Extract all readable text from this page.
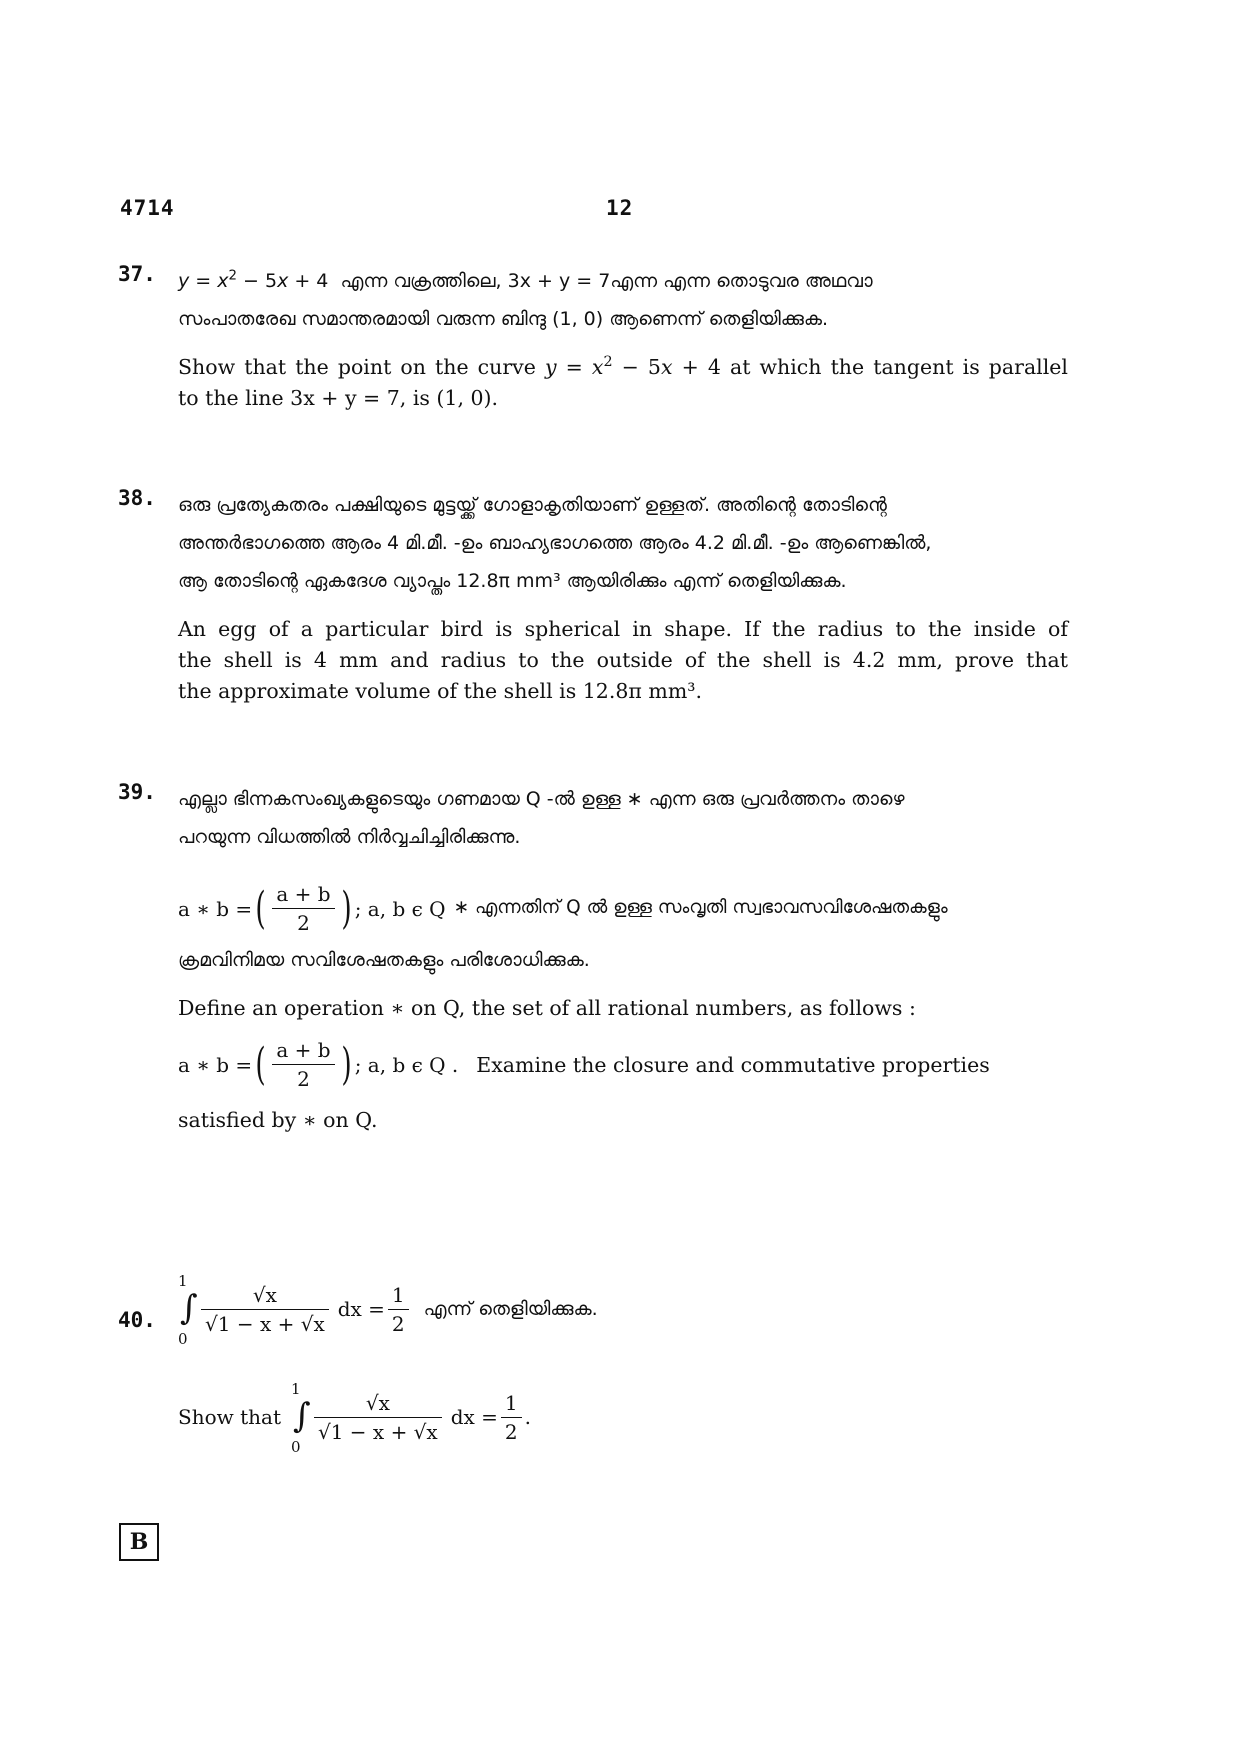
4714	12
37. $y = x^2 - 5x + 4$  എന്ന വക്രത്തിലെ, 3x + y = 7എന്ന എന്ന തൊടുവര അഥവാ

സംപാതരേഖ സമാന്തരമായി വരുന്ന ബിന്ദു (1, 0) ആണെന്ന് തെളിയിക്കുക.

Show that the point on the curve $y = x^2 - 5x + 4$ at which the tangent is parallel

to the line 3x + y = 7, is (1, 0).

38. ഒരു പ്രത്യേകതരം പക്ഷിയുടെ മുട്ടയ്ക്ക് ഗോളാകൃതിയാണ് ഉള്ളത്. അതിന്റെ തോടിന്റെ

അന്തർഭാഗത്തെ ആരം 4 മി.മീ. -ഉം ബാഹ്യഭാഗത്തെ ആരം 4.2 മി.മീ. -ഉം ആണെങ്കിൽ,

ആ തോടിന്റെ ഏകദേശ വ്യാപ്തം 12.8π mm³ ആയിരിക്കും എന്ന് തെളിയിക്കുക.

An egg of a particular bird is spherical in shape. If the radius to the inside of

the shell is 4 mm and radius to the outside of the shell is 4.2 mm, prove that

the approximate volume of the shell is 12.8π mm³.

39. എല്ലാ ഭിന്നകസംഖ്യകളുടെയും ഗണമായ Q -ൽ ഉള്ള ∗ എന്ന ഒരു പ്രവർത്തനം താഴെ

പറയുന്ന വിധത്തിൽ നിർവ്വചിച്ചിരിക്കുന്നു.

a ∗ b = ( $\frac{a + b}{2}$ ) ; a, b ϵ Q ∗ എന്നതിന് Q ൽ ഉള്ള സംവൃതി സ്വഭാവസവിശേഷതകളും

ക്രമവിനിമയ സവിശേഷതകളും പരിശോധിക്കുക.

Define an operation ∗ on Q, the set of all rational numbers, as follows :

a ∗ b = ( $\frac{a + b}{2}$ ) ; a, b ϵ Q . Examine the closure and commutative properties

satisfied by ∗ on Q.

40.
1
∫
0
$\frac{√x}{√1 - x + √x}$ dx = $\frac{1}{2}$ എന്ന് തെളിയിക്കുക.
Show that
1
∫
0
$\frac{√x}{√1 - x + √x}$ dx = $\frac{1}{2}$ .
B
